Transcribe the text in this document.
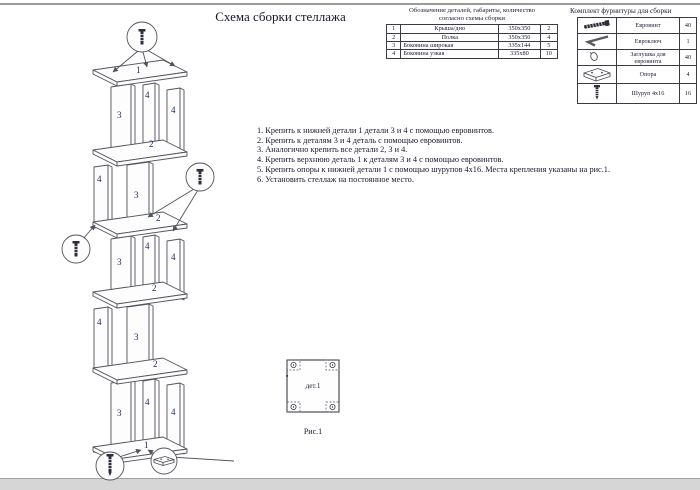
Схема сборки стеллажа	Обозначение деталей, габариты, количество
согласно схемы сборки
1	Крыша/дно	350х350	2
2	Полка	350х350	4
3	Боковина широкая	335х144	5
4	Боковина узкая	335х80	10
Комплект фурнитуры для сборки
	Евровинт	40
	Евроключ	1
	Заглушка для евровинта	40
	Опора	4
	Шуруп 4х16	16
1. Крепить к нижней детали 1 детали 3 и 4 с помощью евровинтов.
2. Крепить к деталям 3 и 4 деталь с помощью евровинтов.
3. Аналогично крепить все детали 2, 3 и 4.
4. Крепить верхнюю деталь 1 к деталям 3 и 4 с помощью евровинтов.
5. Крепить опоры к нижней детали 1 с помощью шурупов 4х16. Места крепления указаны на рис.1.
6. Установить стеллаж на постоянное место.
1
3
4
4
2
4
3
2
3
4
4
2
4
3
2
3
4
4
1
дет.1
Рис.1
